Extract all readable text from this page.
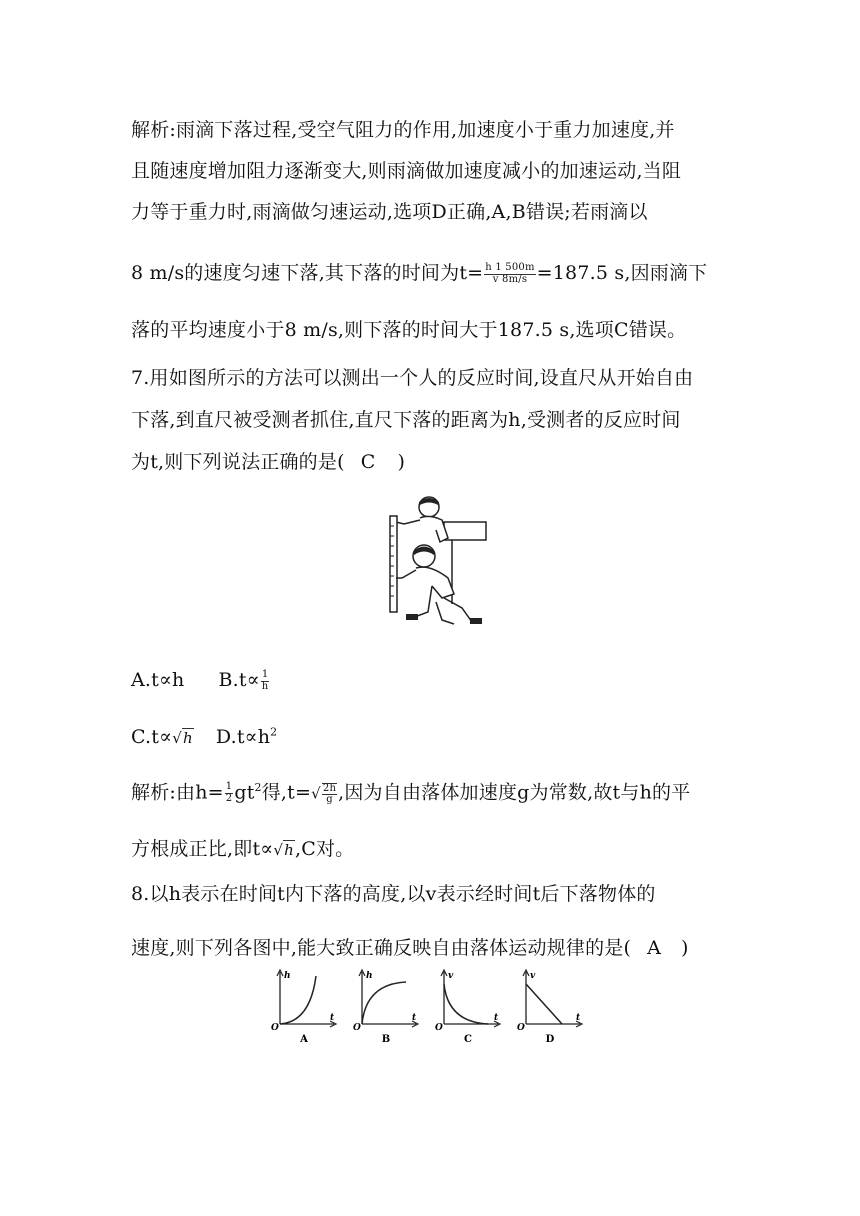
解析:雨滴下落过程,受空气阻力的作用,加速度小于重力加速度,并
且随速度增加阻力逐渐变大,则雨滴做加速度减小的加速运动,当阻
力等于重力时,雨滴做匀速运动,选项D正确,A,B错误;若雨滴以
8 m/s的速度匀速下落,其下落的时间为$t= \frac{h 1 500m}{v 8m/s} =187.5$ s,因雨滴下
落的平均速度小于8 m/s,则下落的时间大于187.5 s,选项C错误。
7.用如图所示的方法可以测出一个人的反应时间,设直尺从开始自由
下落,到直尺被受测者抓住,直尺下落的距离为h,受测者的反应时间
为t,则下列说法正确的是( C )
A.t∝h $B.t\propto \frac{1}{h}$
C.t∝√h $D.t\propto h^2$
解析:由$h= \frac{1}{2} gt^2$得$,t=√ \frac{2h}{g}$ ,因为自由落体加速度g为常数,故t与h的平
方根成正比,即t∝√h,C对。
8.以h表示在时间t内下落的高度,以v表示经时间t后下落物体的
速度,则下列各图中,能大致正确反映自由落体运动规律的是( A )
h
t
O
A
h
t
O
B
v
t
O
C
v
t
O
D
